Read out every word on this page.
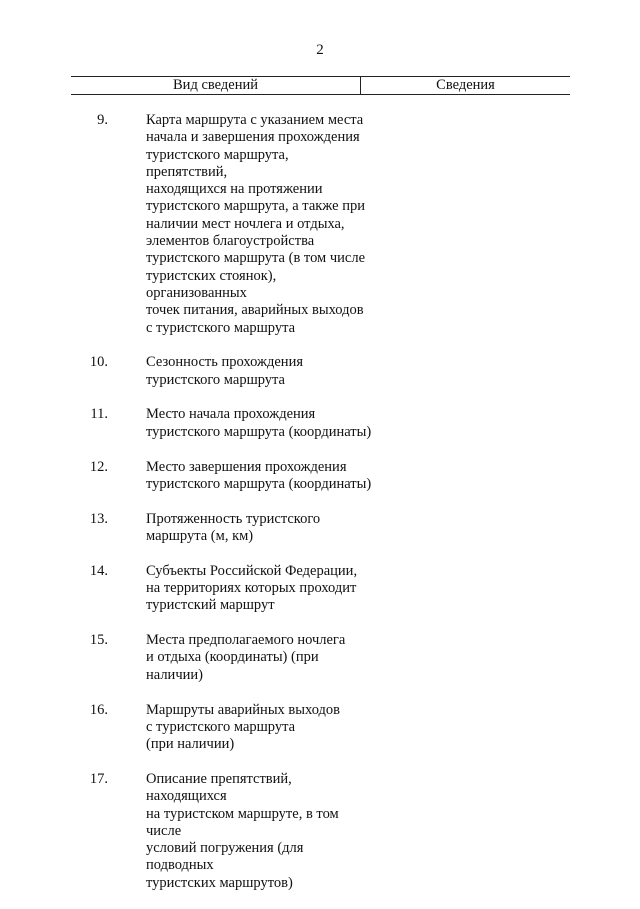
2
Вид сведений	Сведения
9.	Карта маршрута с указанием места
начала и завершения прохождения
туристского маршрута, препятствий,
находящихся на протяжении
туристского маршрута, а также при
наличии мест ночлега и отдыха,
элементов благоустройства
туристского маршрута (в том числе
туристских стоянок), организованных
точек питания, аварийных выходов
с туристского маршрута
10.	Сезонность прохождения
туристского маршрута
11.	Место начала прохождения
туристского маршрута (координаты)
12.	Место завершения прохождения
туристского маршрута (координаты)
13.	Протяженность туристского
маршрута (м, км)
14.	Субъекты Российской Федерации,
на территориях которых проходит
туристский маршрут
15.	Места предполагаемого ночлега
и отдыха (координаты) (при наличии)
16.	Маршруты аварийных выходов
с туристского маршрута
(при наличии)
17.	Описание препятствий, находящихся
на туристском маршруте, в том числе
условий погружения (для подводных
туристских маршрутов)
